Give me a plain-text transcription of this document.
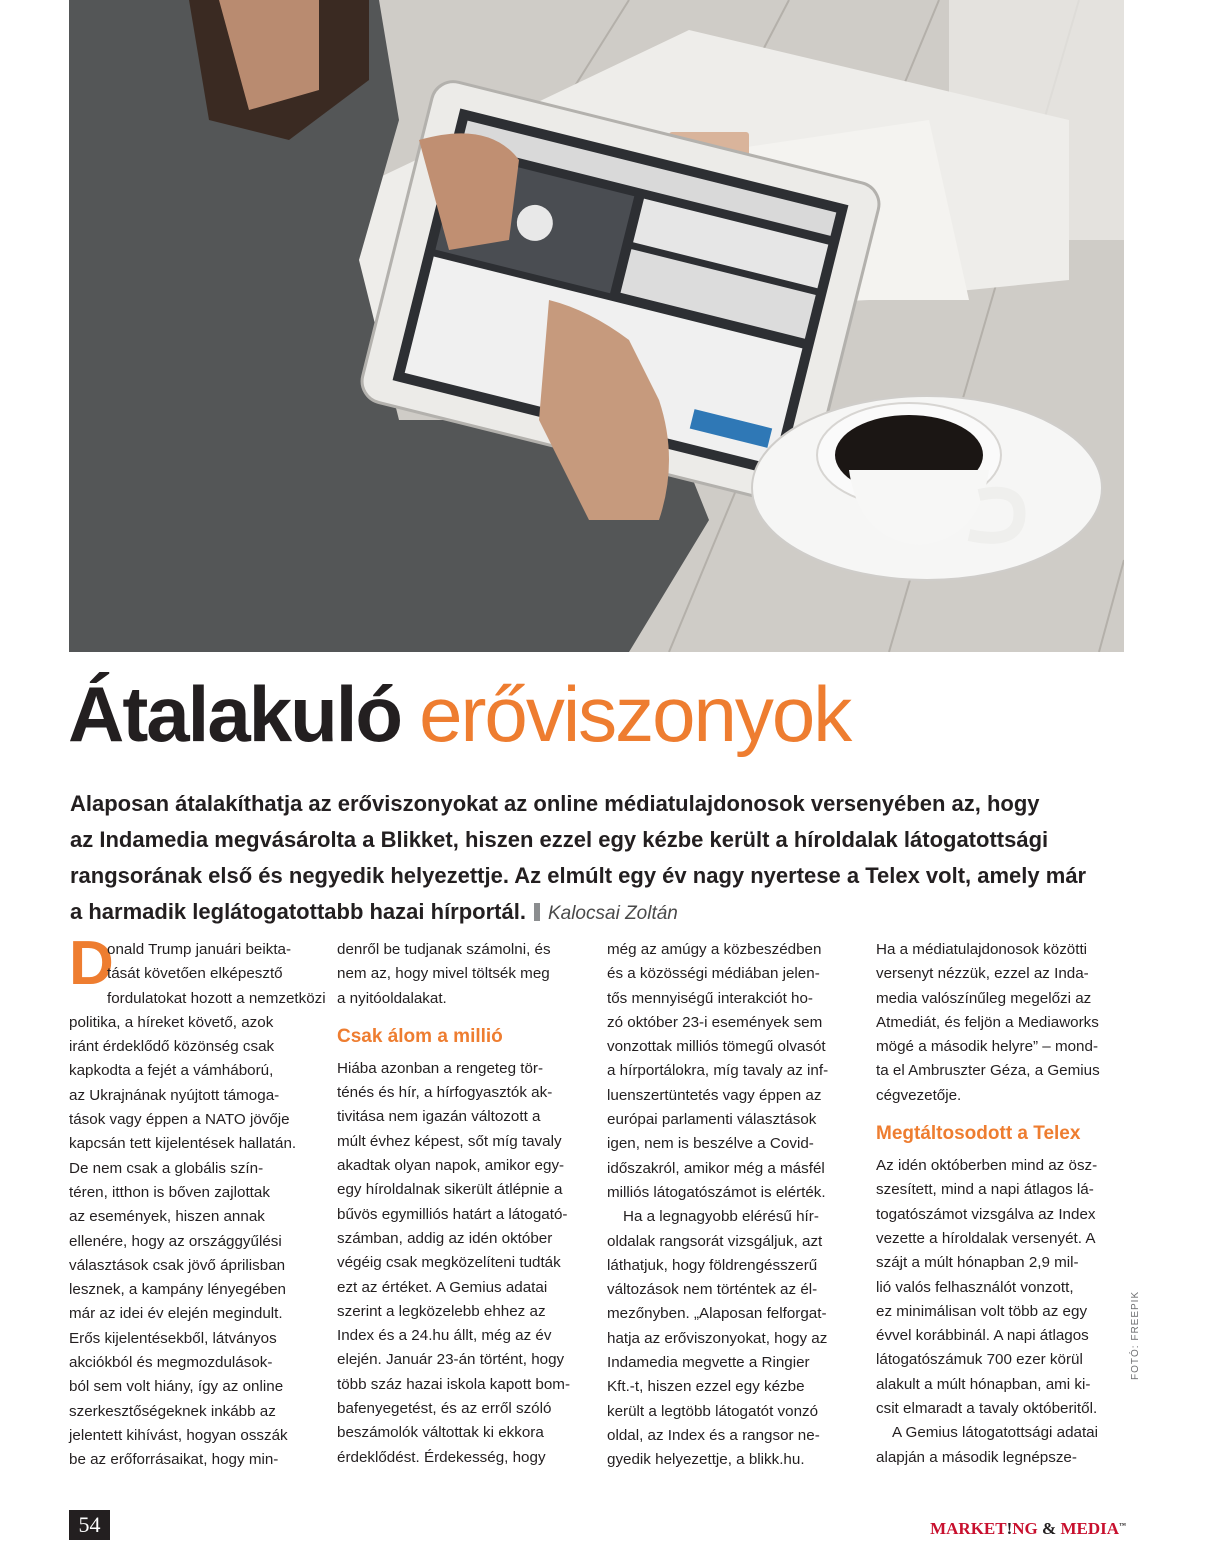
Átalakuló erőviszonyok
Alaposan átalakíthatja az erőviszonyokat az online médiatulajdonosok versenyében az, hogy
az Indamedia megvásárolta a Blikket, hiszen ezzel egy kézbe került a híroldalak látogatottsági
rangsorának első és negyedik helyezettje. Az elmúlt egy év nagy nyertese a Telex volt, amely már
a harmadik leglátogatottabb hazai hírportál. Kalocsai Zoltán
D
onald Trump januári beikta-
tását követően elképesztő
fordulatokat hozott a nemzetközi
politika, a híreket követő, azok
iránt érdeklődő közönség csak
kapkodta a fejét a vámháború,
az Ukrajnának nyújtott támoga-
tások vagy éppen a NATO jövője
kapcsán tett kijelentések hallatán.
De nem csak a globális szín-
téren, itthon is bőven zajlottak
az események, hiszen annak
ellenére, hogy az országgyűlési
választások csak jövő áprilisban
lesznek, a kampány lényegében
már az idei év elején megindult.
Erős kijelentésekből, látványos
akciókból és megmozdulások-
ból sem volt hiány, így az online
szerkesztőségeknek inkább az
jelentett kihívást, hogyan osszák
be az erőforrásaikat, hogy min-
denről be tudjanak számolni, és
nem az, hogy mivel töltsék meg
a nyitóoldalakat.
Csak álom a millió
Hiába azonban a rengeteg tör-
ténés és hír, a hírfogyasztók ak-
tivitása nem igazán változott a
múlt évhez képest, sőt míg tavaly
akadtak olyan napok, amikor egy-
egy híroldalnak sikerült átlépnie a
bűvös egymilliós határt a látogató-
számban, addig az idén október
végéig csak megközelíteni tudták
ezt az értéket. A Gemius adatai
szerint a legközelebb ehhez az
Index és a 24.hu állt, még az év
elején. Január 23-án történt, hogy
több száz hazai iskola kapott bom-
bafenyegetést, és az erről szóló
beszámolók váltottak ki ekkora
érdeklődést. Érdekesség, hogy
még az amúgy a közbeszédben
és a közösségi médiában jelen-
tős mennyiségű interakciót ho-
zó október 23-i események sem
vonzottak milliós tömegű olvasót
a hírportálokra, míg tavaly az inf-
luenszertüntetés vagy éppen az
európai parlamenti választások
igen, nem is beszélve a Covid-
időszakról, amikor még a másfél
milliós látogatószámot is elérték.
Ha a legnagyobb elérésű hír-
oldalak rangsorát vizsgáljuk, azt
láthatjuk, hogy földrengésszerű
változások nem történtek az él-
mezőnyben. „Alaposan felforgat-
hatja az erőviszonyokat, hogy az
Indamedia megvette a Ringier
Kft.-t, hiszen ezzel egy kézbe
került a legtöbb látogatót vonzó
oldal, az Index és a rangsor ne-
gyedik helyezettje, a blikk.hu.
Ha a médiatulajdonosok közötti
versenyt nézzük, ezzel az Inda-
media valószínűleg megelőzi az
Atmediát, és feljön a Mediaworks
mögé a második helyre” – mond-
ta el Ambruszter Géza, a Gemius
cégvezetője.
Megtáltosodott a Telex
Az idén októberben mind az ösz-
szesített, mind a napi átlagos lá-
togatószámot vizsgálva az Index
vezette a híroldalak versenyét. A
szájt a múlt hónapban 2,9 mil-
lió valós felhasználót vonzott,
ez minimálisan volt több az egy
évvel korábbinál. A napi átlagos
látogatószámuk 700 ezer körül
alakult a múlt hónapban, ami ki-
csit elmaradt a tavaly októberitől.
A Gemius látogatottsági adatai
alapján a második legnépsze-
FOTÓ: FREEPIK
54	MARKET!NG & MEDIA™
